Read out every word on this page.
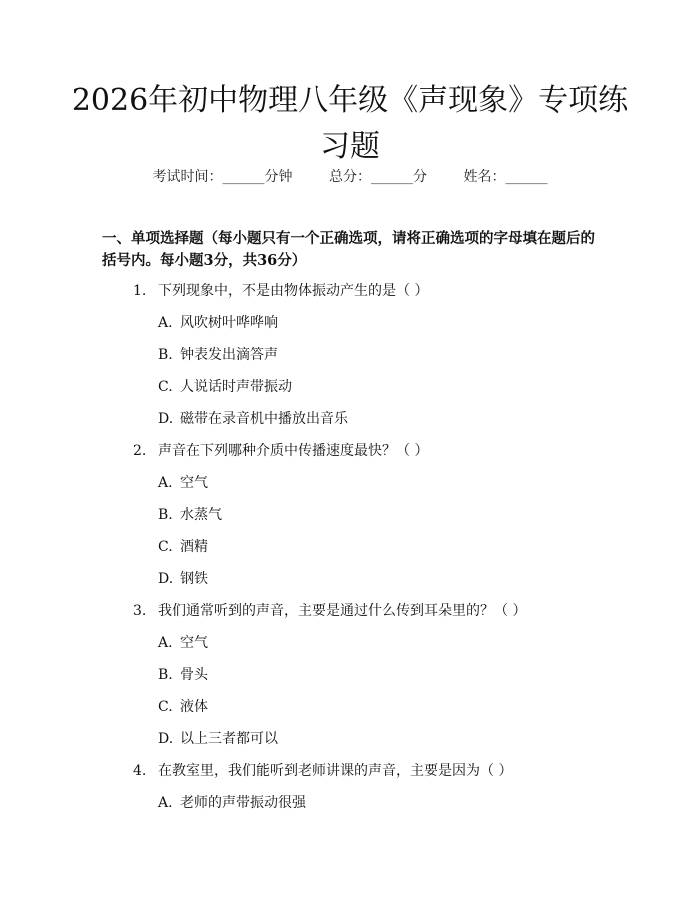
2026年初中物理八年级《声现象》专项练习题
考试时间：______分钟	总分：______分	姓名：______

一、单项选择题（每小题只有一个正确选项，请将正确选项的字母填在题后的括号内。每小题3分，共36分）

1. 下列现象中，不是由物体振动产生的是（ ）
A. 风吹树叶哗哗响
B. 钟表发出滴答声
C. 人说话时声带振动
D. 磁带在录音机中播放出音乐
2. 声音在下列哪种介质中传播速度最快？（ ）
A. 空气
B. 水蒸气
C. 酒精
D. 钢铁
3. 我们通常听到的声音，主要是通过什么传到耳朵里的？（ ）
A. 空气
B. 骨头
C. 液体
D. 以上三者都可以
4. 在教室里，我们能听到老师讲课的声音，主要是因为（ ）
A. 老师的声带振动很强
